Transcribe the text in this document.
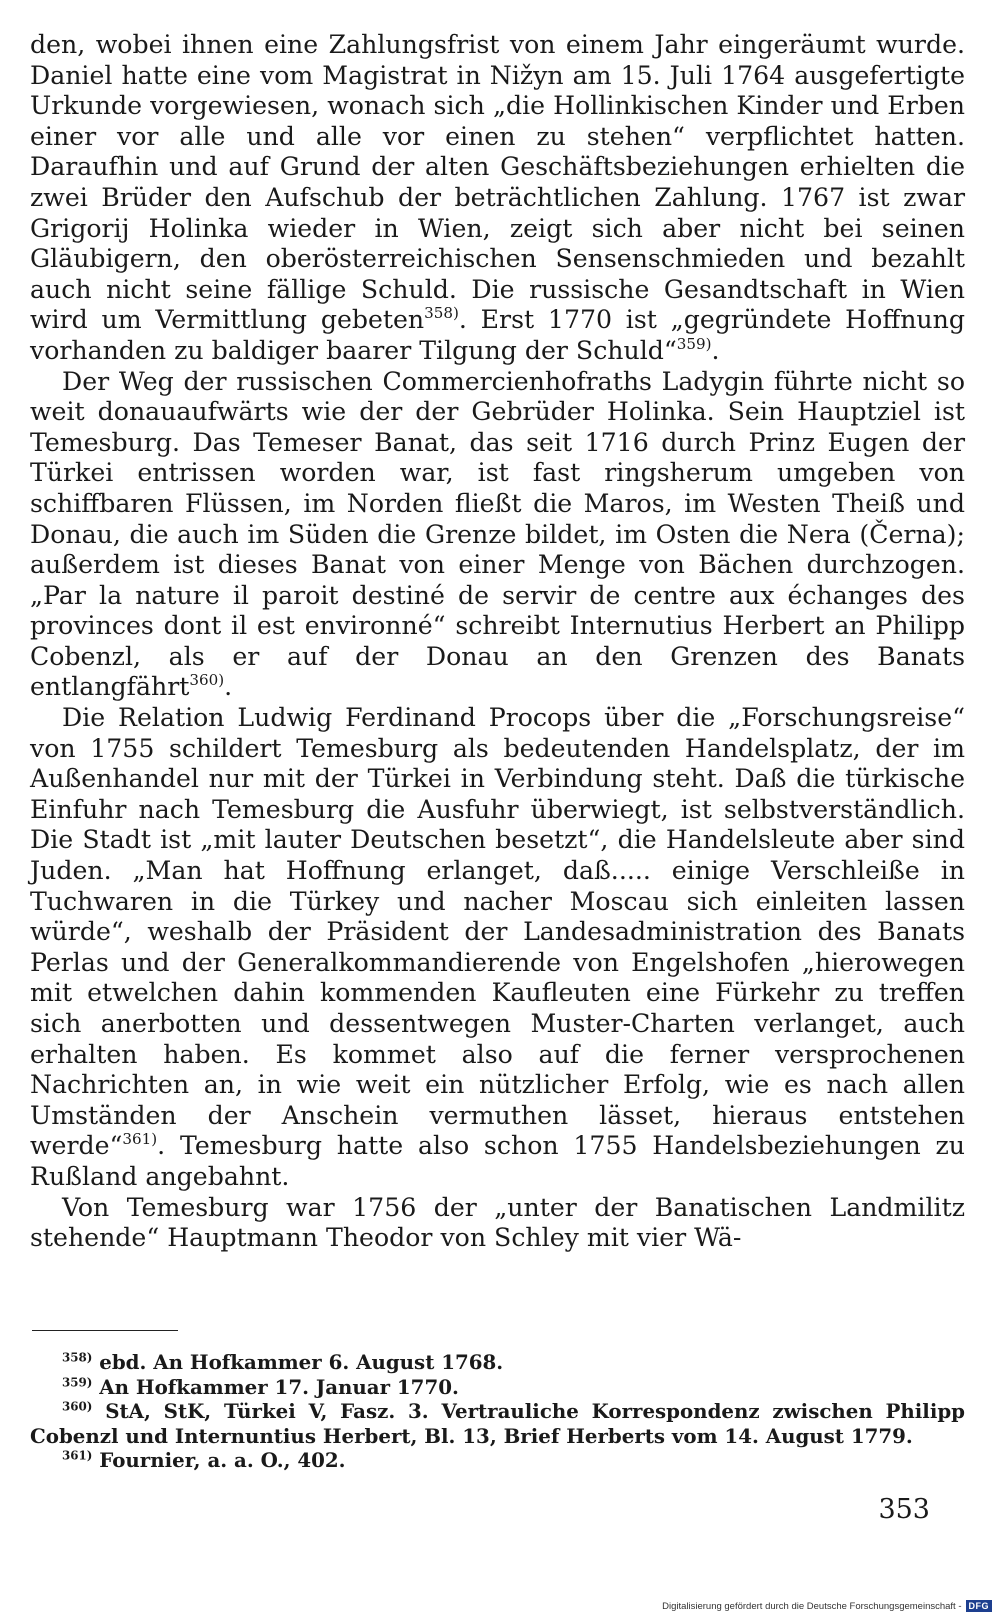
den, wobei ihnen eine Zahlungsfrist von einem Jahr eingeräumt wurde. Daniel hatte eine vom Magistrat in Nižyn am 15. Juli 1764 ausgefertigte Urkunde vorgewiesen, wonach sich „die Hollinkischen Kinder und Erben einer vor alle und alle vor einen zu stehen“ verpflichtet hatten. Daraufhin und auf Grund der alten Geschäftsbeziehungen erhielten die zwei Brüder den Aufschub der beträchtlichen Zahlung. 1767 ist zwar Grigorij Holinka wieder in Wien, zeigt sich aber nicht bei seinen Gläubigern, den oberösterreichischen Sensenschmieden und bezahlt auch nicht seine fällige Schuld. Die russische Gesandtschaft in Wien wird um Vermittlung gebeten$^{358)}$. Erst 1770 ist „gegründete Hoffnung vorhanden zu baldiger baarer Tilgung der Schuld“$^{359)}$.

Der Weg der russischen Commercienhofraths Ladygin führte nicht so weit donauaufwärts wie der der Gebrüder Holinka. Sein Hauptziel ist Temesburg. Das Temeser Banat, das seit 1716 durch Prinz Eugen der Türkei entrissen worden war, ist fast ringsherum umgeben von schiffbaren Flüssen, im Norden fließt die Maros, im Westen Theiß und Donau, die auch im Süden die Grenze bildet, im Osten die Nera (Černa); außerdem ist dieses Banat von einer Menge von Bächen durchzogen. „Par la nature il paroit destiné de servir de centre aux échanges des provinces dont il est environné“ schreibt Internutius Herbert an Philipp Cobenzl, als er auf der Donau an den Grenzen des Banats entlangfährt$^{360)}$.

Die Relation Ludwig Ferdinand Procops über die „Forschungsreise“ von 1755 schildert Temesburg als bedeutenden Handelsplatz, der im Außenhandel nur mit der Türkei in Verbindung steht. Daß die türkische Einfuhr nach Temesburg die Ausfuhr überwiegt, ist selbstverständlich. Die Stadt ist „mit lauter Deutschen besetzt“, die Handelsleute aber sind Juden. „Man hat Hoffnung erlanget, daß..... einige Verschleiße in Tuchwaren in die Türkey und nacher Moscau sich einleiten lassen würde“, weshalb der Präsident der Landesadministration des Banats Perlas und der Generalkommandierende von Engelshofen „hierowegen mit etwelchen dahin kommenden Kaufleuten eine Fürkehr zu treffen sich anerbotten und dessentwegen Muster-Charten verlanget, auch erhalten haben. Es kommet also auf die ferner versprochenen Nachrichten an, in wie weit ein nützlicher Erfolg, wie es nach allen Umständen der Anschein vermuthen lässet, hieraus entstehen werde“$^{361)}$. Temesburg hatte also schon 1755 Handelsbeziehungen zu Rußland angebahnt.

Von Temesburg war 1756 der „unter der Banatischen Landmilitz stehende“ Hauptmann Theodor von Schley mit vier Wä-

$^{358)}$ ebd. An Hofkammer 6. August 1768.

$^{359)}$ An Hofkammer 17. Januar 1770.

$^{360)}$ StA, StK, Türkei V, Fasz. 3. Vertrauliche Korrespondenz zwischen Philipp Cobenzl und Internuntius Herbert, Bl. 13, Brief Herberts vom 14. August 1779.

$^{361)}$ Fournier, a. a. O., 402.

353
Digitalisierung gefördert durch die Deutsche Forschungsgemeinschaft - DFG
